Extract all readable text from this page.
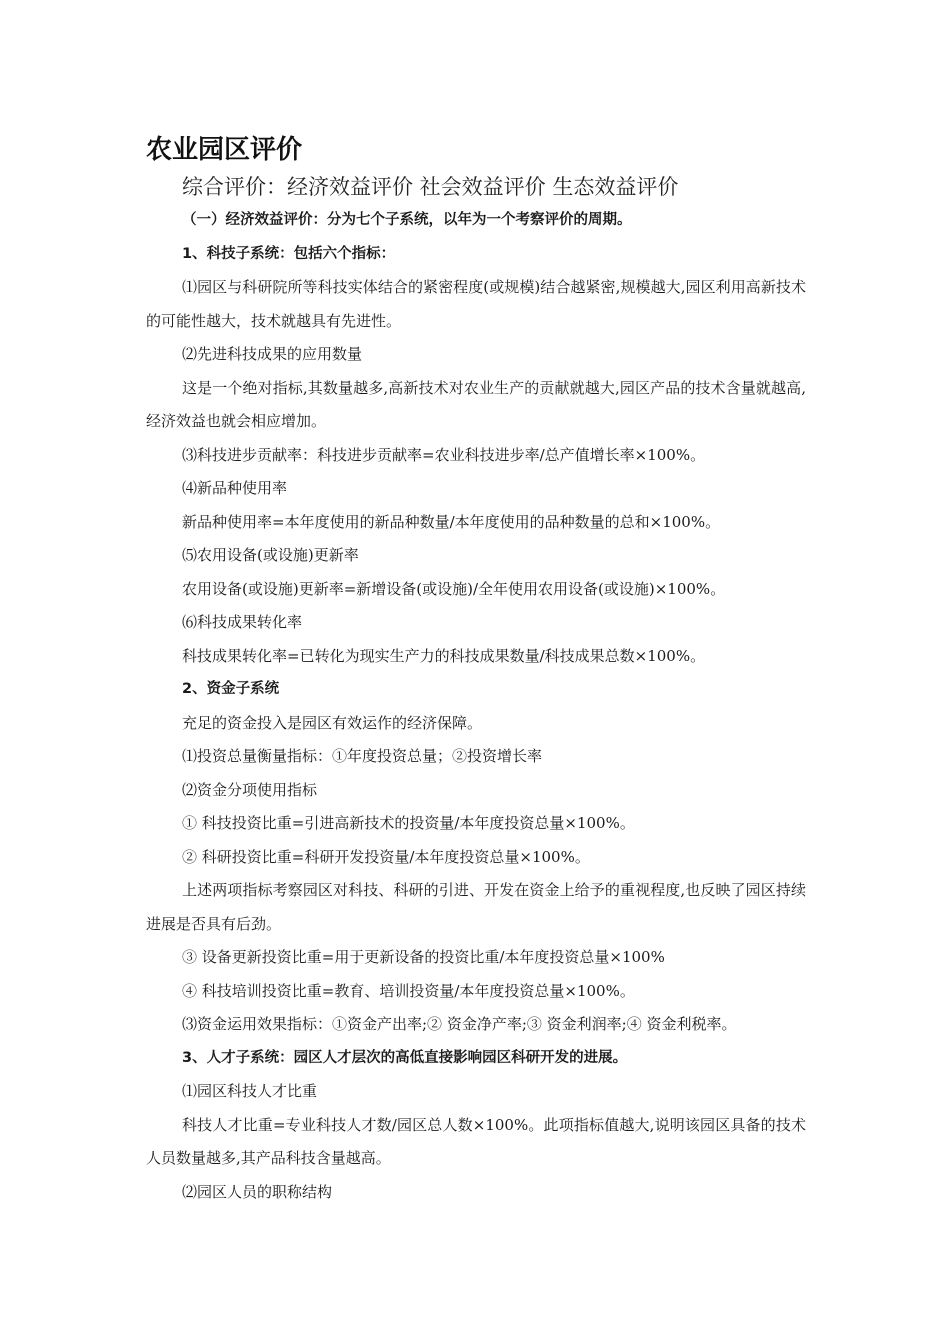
农业园区评价

综合评价：经济效益评价 社会效益评价 生态效益评价

（一）经济效益评价：分为七个子系统，以年为一个考察评价的周期。

1、科技子系统：包括六个指标：

⑴园区与科研院所等科技实体结合的紧密程度(或规模)结合越紧密,规模越大,园区利用高新技术的可能性越大，技术就越具有先进性。

⑵先进科技成果的应用数量

这是一个绝对指标,其数量越多,高新技术对农业生产的贡献就越大,园区产品的技术含量就越高,经济效益也就会相应增加。

⑶科技进步贡献率：科技进步贡献率=农业科技进步率/总产值增长率×100%。

⑷新品种使用率

新品种使用率=本年度使用的新品种数量/本年度使用的品种数量的总和×100%。

⑸农用设备(或设施)更新率

农用设备(或设施)更新率=新增设备(或设施)/全年使用农用设备(或设施)×100%。

⑹科技成果转化率

科技成果转化率=已转化为现实生产力的科技成果数量/科技成果总数×100%。

2、资金子系统

充足的资金投入是园区有效运作的经济保障。

⑴投资总量衡量指标：①年度投资总量；②投资增长率

⑵资金分项使用指标

① 科技投资比重=引进高新技术的投资量/本年度投资总量×100%。

② 科研投资比重=科研开发投资量/本年度投资总量×100%。

上述两项指标考察园区对科技、科研的引进、开发在资金上给予的重视程度,也反映了园区持续进展是否具有后劲。

③ 设备更新投资比重=用于更新设备的投资比重/本年度投资总量×100%

④ 科技培训投资比重=教育、培训投资量/本年度投资总量×100%。

⑶资金运用效果指标：①资金产出率;② 资金净产率;③ 资金利润率;④ 资金利税率。

3、人才子系统：园区人才层次的高低直接影响园区科研开发的进展。

⑴园区科技人才比重

科技人才比重=专业科技人才数/园区总人数×100%。此项指标值越大,说明该园区具备的技术人员数量越多,其产品科技含量越高。

⑵园区人员的职称结构
